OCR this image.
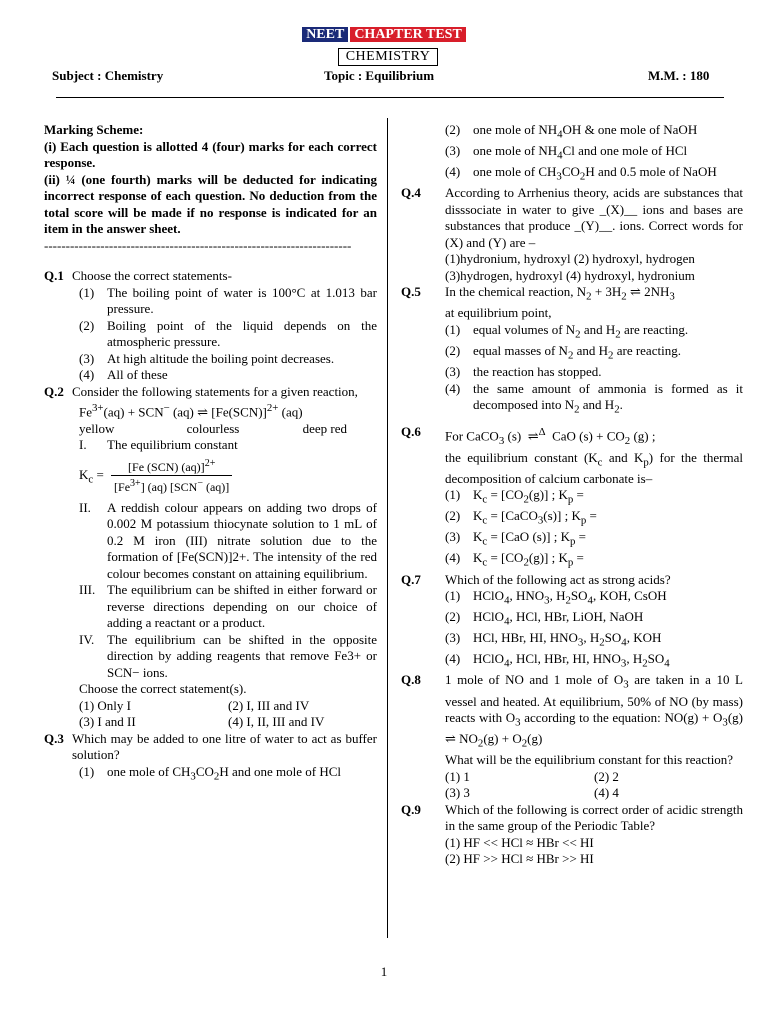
NEET CHAPTER TEST
CHEMISTRY
Subject : Chemistry	Topic : Equilibrium	M.M. : 180
Marking Scheme:
(i) Each question is allotted 4 (four) marks for each correct response.
(ii) ¼ (one fourth) marks will be deducted for indicating incorrect response of each question. No deduction from the total score will be made if no response is indicated for an item in the answer sheet.
-----------------------------------------------------------------------
Q.1 Choose the correct statements-
(1) The boiling point of water is 100°C at 1.013 bar pressure.
(2) Boiling point of the liquid depends on the atmospheric pressure.
(3) At high altitude the boiling point decreases.
(4) All of these
Q.2 Consider the following statements for a given reaction,
$Fe^{3+}(aq) + SCN^-$ (aq) ⇌ $[Fe(SCN)]^{2+}$ (aq)
yellow	colourless	deep red
I. The equilibrium constant
$K_c = \frac{[Fe (SCN) (aq)]^{2+}}{[Fe^{3+}] (aq) [SCN^- (aq)]}$
II. A reddish colour appears on adding two drops of 0.002 M potassium thiocynate solution to 1 mL of 0.2 M iron (III) nitrate solution due to the formation of [Fe(SCN)]2+. The intensity of the red colour becomes constant on attaining equilibrium.
III. The equilibrium can be shifted in either forward or reverse directions depending on our choice of adding a reactant or a product.
IV. The equilibrium can be shifted in the opposite direction by adding reagents that remove Fe3+ or SCN− ions.
Choose the correct statement(s).
(1) Only I	(2) I, III and IV
(3) I and II	(4) I, II, III and IV
Q.3 Which may be added to one litre of water to act as buffer solution?
(1) one mole of $CH_3CO_2H$ and one mole of HCl
(2) one mole of $NH_4OH$ & one mole of NaOH
(3) one mole of $NH_4Cl$ and one mole of HCl
(4) one mole of $CH_3CO_2H$ and 0.5 mole of NaOH
Q.4 According to Arrhenius theory, acids are substances that disssociate in water to give _(X)__ ions and bases are substances that produce _(Y)__. ions. Correct words for (X) and (Y) are –
(1)hydronium, hydroxyl (2) hydroxyl, hydrogen
(3)hydrogen, hydroxyl (4) hydroxyl, hydronium
Q.5 In the chemical reaction, $N_2 + 3H_2$ ⇌ $2NH_3$
at equilibrium point,
(1) equal volumes of $N_2$ and $H_2$ are reacting.
(2) equal masses of $N_2$ and $H_2$ are reacting.
(3) the reaction has stopped.
(4) the same amount of ammonia is formed as it decomposed into $N_2$ and $H_2$.
Q.6 For CaCO$_3$ (s)  ⇌$^\Delta$  CaO $(s) + CO_2$ (g) ;
the equilibrium constant ($K_c$ and $K_p$) for the thermal decomposition of calcium carbonate is–
(1) $K_c = [CO_2(g)]$ ; $K_p$ =
(2) $K_c$ = [CaCO$_3$(s)] ; $K_p$ =
(3) $K_c = [CaO$ (s)] ; $K_p$ =
(4) $K_c = [CO_2(g)]$ ; $K_p$ =
Q.7 Which of the following act as strong acids?
(1) HClO$_4$, $HNO_3$, $H_2SO_4$, KOH, CsOH
(2) HClO$_4$, HCl, HBr, LiOH, NaOH
(3) HCl, HBr, HI, $HNO_3$, $H_2SO_4$, KOH
(4) HClO$_4$, HCl, HBr, HI, $HNO_3$, $H_2SO_4$
Q.8 1 mole of NO and 1 mole of $O_3$ are taken in a 10 L vessel and heated. At equilibrium, 50% of NO (by mass) reacts with $O_3$ according to the equation: $NO(g) + O_3(g)$ ⇌ $NO_2(g) + O_2(g)$
What will be the equilibrium constant for this reaction?
(1) 1	(2) 2
(3) 3	(4) 4
Q.9 Which of the following is correct order of acidic strength in the same group of the Periodic Table?
(1) HF << HCl ≈ HBr << HI
(2) HF >> HCl ≈ HBr >> HI
1
